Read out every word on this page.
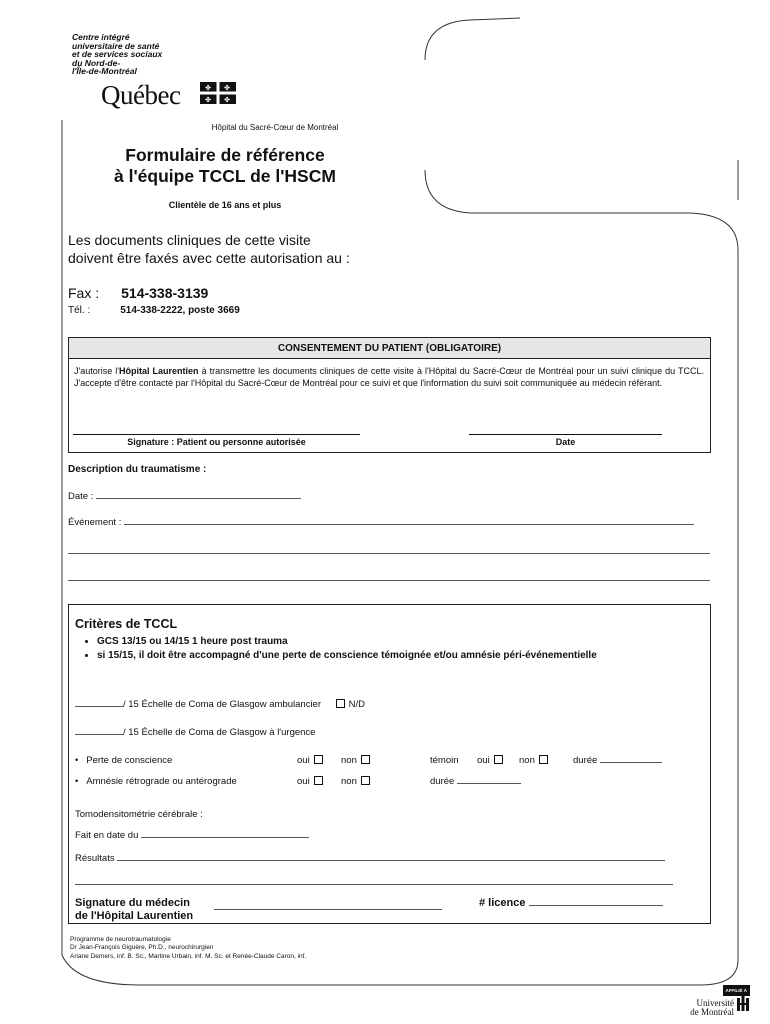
Centre intégré
universitaire de santé
et de services sociaux
du Nord-de-
l'Île-de-Montréal
Québec	✤ ✤
✤ ✤
Hôpital du Sacré-Cœur de Montréal
Formulaire de référence
à l'équipe TCCL de l'HSCM
Clientèle de 16 ans et plus
Les documents cliniques de cette visite
doivent être faxés avec cette autorisation au :
Fax : 514-338-3139
Tél. :	514-338-2222, poste 3669
CONSENTEMENT DU PATIENT (OBLIGATOIRE)
J'autorise l'Hôpital Laurentien à transmettre les documents cliniques de cette visite à l'Hôpital du Sacré-Cœur de Montréal pour un suivi clinique du TCCL. J'accepte d'être contacté par l'Hôpital du Sacré-Cœur de Montréal pour ce suivi et que l'information du suivi soit communiquée au médecin référant.
Signature : Patient ou personne autorisée	Date
Description du traumatisme :
Date :
Événement :
Critères de TCCL
• GCS 13/15 ou 14/15 1 heure post trauma
• si 15/15, il doit être accompagné d'une perte de conscience témoignée et/ou amnésie péri-événementielle
/ 15 Échelle de Coma de Glasgow ambulancier	N/D
/ 15 Échelle de Coma de Glasgow à l'urgence
•   Perte de conscience	oui	non	témoin oui	non	durée
•   Amnésie rétrograde ou antérograde	oui	non	durée
Tomodensitométrie cérébrale :
Fait en date du
Résultats
Signature du médecin
de l'Hôpital Laurentien
# licence
Programme de neurotraumatologie
Dr Jean-François Giguère, Ph.D., neurochirurgien
Ariane Demers, inf. B. Sc., Martine Urbain, inf. M. Sc. et Renée-Claude Caron, inf.
AFFILIÉ À
Université
de Montréal
